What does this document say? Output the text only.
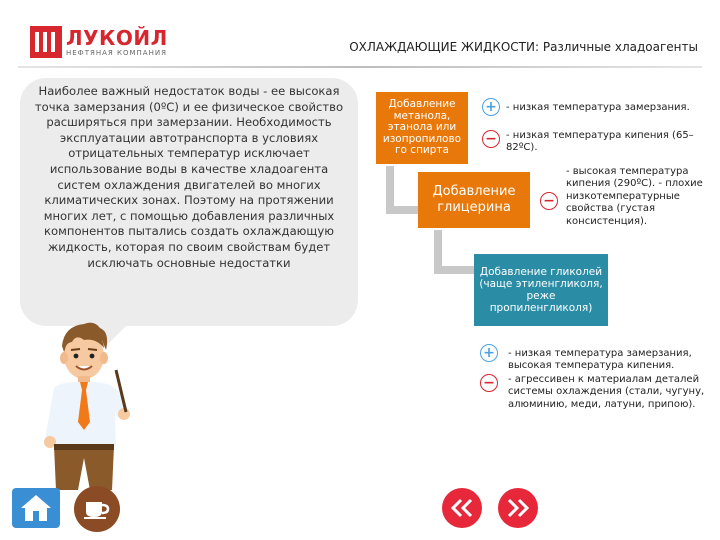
ЛУКОЙЛ
НЕФТЯНАЯ КОМПАНИЯ	ОХЛАЖДАЮЩИЕ ЖИДКОСТИ: Различные хладоагенты
Наиболее важный недостаток воды - ее высокая точка замерзания (0ºС) и ее физическое свойство расширяться при замерзании. Необходимость эксплуатации автотранспорта в условиях отрицательных температур исключает использование воды в качестве хладоагента систем охлаждения двигателей во многих климатических зонах. Поэтому на протяжении многих лет, с помощью добавления различных компонентов пытались создать охлаждающую жидкость, которая по своим свойствам будет исключать основные недостатки
Добавление метанола, этанола или изопропилово го спирта
Добавление глицерина
Добавление гликолей (чаще этиленгликоля, реже пропиленгликоля)
+ - низкая температура замерзания.
− - низкая температура кипения (65–82ºС).
−
- высокая температура кипения (290ºС). - плохие низкотемпературные свойства (густая консистенция).
+
−
- низкая температура замерзания, высокая температура кипения.
- агрессивен к материалам деталей системы охлаждения (стали, чугуну, алюминию, меди, латуни, припою).
